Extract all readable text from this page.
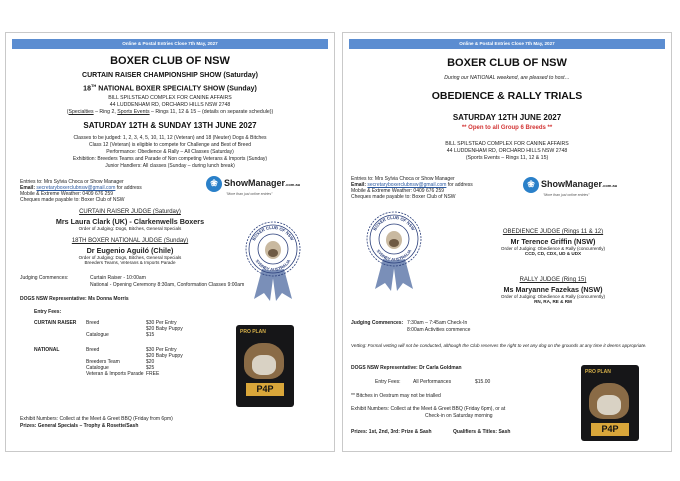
Online & Postal Entries Close 7th May, 2027
BOXER CLUB OF NSW
CURTAIN RAISER CHAMPIONSHIP SHOW (Saturday)
18TH NATIONAL BOXER SPECIALTY SHOW (Sunday)
BILL SPILSTEAD COMPLEX FOR CANINE AFFAIRS
44 LUDDENHAM RD, ORCHARD HILLS NSW 2748
(Specialties – Ring 2, Sports Events – Rings 11, 12 & 15 – (details on separate schedule))
SATURDAY 12TH & SUNDAY 13TH JUNE 2027
Classes to be judged: 1, 2, 3, 4, 5, 10, 11, 12 (Veteran) and 18 (Neuter) Dogs & Bitches
Class 12 (Veteran) is eligible to compete for Challenge and Best of Breed
Performance: Obedience & Rally – All Classes (Saturday)
Exhibition: Breeders Teams and Parade of Non competing Veterans & Imports (Sunday)
Junior Handlers: All classes (Sunday – during lunch break)
Entries to: Mrs Sylvia Choca or Show Manager
Email: secretaryboxerclubnsw@gmail.com for address
Mobile & Extreme Weather: 0409 676 259
Cheques made payable to: Boxer Club of NSW
❀ ShowManager.com.au
"More than just online entries"
CURTAIN RAISER JUDGE (Saturday)
Mrs Laura Clark (UK) - Clarkenwells Boxers
Order of Judging: Dogs, Bitches, General Specials
18TH BOXER NATIONAL JUDGE (Sunday)
Dr Eugenio Aguiló (Chile)
Order of Judging: Dogs, Bitches, General Specials
Breeders Teams, Veterans & Imports Parade
BOXER CLUB OF NSW
SYDNEY AUSTRALIA
Judging Commences:	Curtain Raiser - 10:00am
National - Opening Ceremony 8:30am, Conformation Classes 9:00am
DOGS NSW Representative: Ms Donna Morris
Entry Fees:
CURTAIN RAISER Breed	$30 Per Entry
$20 Baby Puppy
Catalogue	$15
NATIONAL	Breed	$30 Per Entry
$20 Baby Puppy
Breeders Team	$20
Catalogue	$25
Veteran & Imports Parade FREE
PRO PLAN
P4P
Exhibit Numbers: Collect at the Meet & Greet BBQ (Friday from 6pm)
Prizes: General Specials – Trophy & Rosette/Sash
Online & Postal Entries Close 7th May, 2027
BOXER CLUB OF NSW
During our NATIONAL weekend, are pleased to host…
OBEDIENCE & RALLY TRIALS
SATURDAY 12TH JUNE 2027
** Open to all Group 6 Breeds **
BILL SPILSTEAD COMPLEX FOR CANINE AFFAIRS
44 LUDDENHAM RD, ORCHARD HILLS NSW 2748
(Sports Events – Rings 11, 12 & 15)
Entries to: Mrs Sylvia Choca or Show Manager
Email: secretaryboxerclubnsw@gmail.com for address
Mobile & Extreme Weather: 0409 676 259
Cheques made payable to: Boxer Club of NSW
❀ ShowManager.com.au
"More than just online entries"
BOXER CLUB OF NSW
SYDNEY AUSTRALIA
OBEDIENCE JUDGE (Rings 11 & 12)
Mr Terence Griffin (NSW)
Order of Judging: Obedience & Rally (concurrently)
CCD, CD, CDX, UD & UDX
RALLY JUDGE (Ring 15)
Ms Maryanne Fazekas (NSW)
Order of Judging: Obedience & Rally (concurrently)
RN, RA, RE & RM
Judging Commences: 7:30am – 7:45am Check-In
8:00am Activities commence
Vetting: Formal vetting will not be conducted, although the Club reserves the right to vet any dog on the grounds at any time it deems appropriate.
DOGS NSW Representative: Dr Carla Goldman
Entry Fees: All Performances	$15.00
** Bitches in Oestrum may not be trialled
Exhibit Numbers: Collect at the Meet & Greet BBQ (Friday 6pm), or at
Check-in on Saturday morning
Prizes: 1st, 2nd, 3rd: Prize & Sash	Qualifiers & Titles: Sash
PRO PLAN
P4P
